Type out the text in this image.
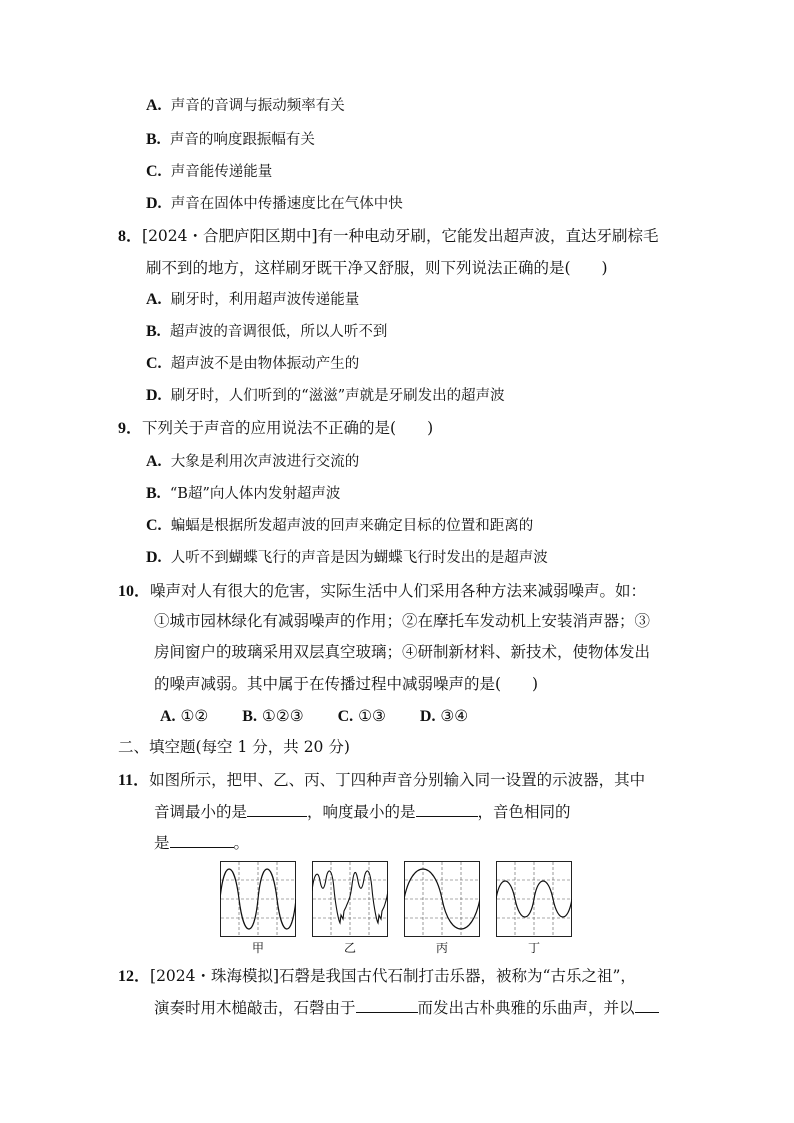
A. 声音的音调与振动频率有关
B. 声音的响度跟振幅有关
C. 声音能传递能量
D. 声音在固体中传播速度比在气体中快
8．[2024・合肥庐阳区期中]有一种电动牙刷，它能发出超声波，直达牙刷棕毛
刷不到的地方，这样刷牙既干净又舒服，则下列说法正确的是(　　)
A. 刷牙时，利用超声波传递能量
B. 超声波的音调很低，所以人听不到
C. 超声波不是由物体振动产生的
D. 刷牙时，人们听到的“滋滋”声就是牙刷发出的超声波
9．下列关于声音的应用说法不正确的是(　　)
A. 大象是利用次声波进行交流的
B. “B超”向人体内发射超声波
C. 蝙蝠是根据所发超声波的回声来确定目标的位置和距离的
D. 人听不到蝴蝶飞行的声音是因为蝴蝶飞行时发出的是超声波
10．噪声对人有很大的危害，实际生活中人们采用各种方法来减弱噪声。如：
①城市园林绿化有减弱噪声的作用；②在摩托车发动机上安装消声器；③
房间窗户的玻璃采用双层真空玻璃；④研制新材料、新技术，使物体发出
的噪声减弱。其中属于在传播过程中减弱噪声的是(　　)
A. ①② B. ①②③ C. ①③ D. ③④
二、填空题(每空 1 分，共 20 分)
11．如图所示，把甲、乙、丙、丁四种声音分别输入同一设置的示波器，其中
音调最小的是	，响度最小的是	，音色相同的
是	。
甲	乙	丙	丁
12．[2024・珠海模拟]石磬是我国古代石制打击乐器，被称为“古乐之祖”，
演奏时用木槌敲击，石磬由于	而发出古朴典雅的乐曲声，并以
